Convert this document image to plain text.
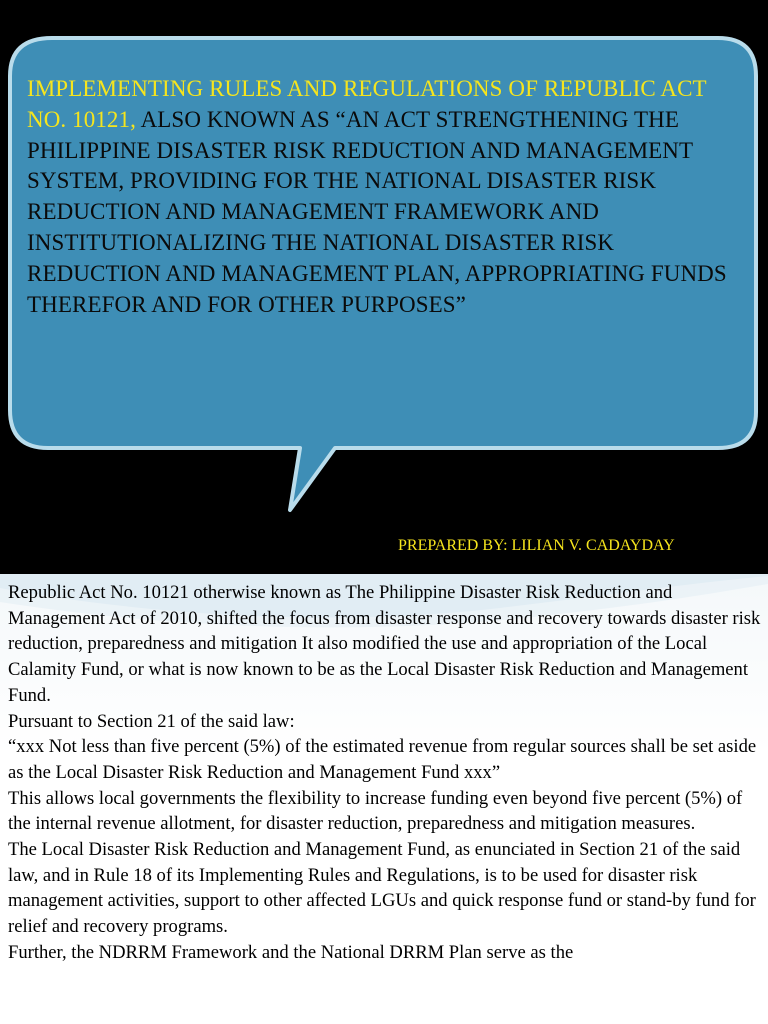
IMPLEMENTING RULES AND REGULATIONS OF REPUBLIC ACT NO. 10121, ALSO KNOWN AS “AN ACT STRENGTHENING THE PHILIPPINE DISASTER RISK REDUCTION AND MANAGEMENT SYSTEM, PROVIDING FOR THE NATIONAL DISASTER RISK REDUCTION AND MANAGEMENT FRAMEWORK AND INSTITUTIONALIZING THE NATIONAL DISASTER RISK REDUCTION AND MANAGEMENT PLAN, APPROPRIATING FUNDS THEREFOR AND FOR OTHER PURPOSES”

PREPARED BY: LILIAN V. CADAYDAY

Republic Act No. 10121 otherwise known as The Philippine Disaster Risk Reduction and Management Act of 2010, shifted the focus from disaster response and recovery towards disaster risk reduction, preparedness and mitigation It also modified the use and appropriation of the Local Calamity Fund, or what is now known to be as the Local Disaster Risk Reduction and Management Fund.

Pursuant to Section 21 of the said law:

“xxx Not less than five percent (5%) of the estimated revenue from regular sources shall be set aside as the Local Disaster Risk Reduction and Management Fund xxx”

This allows local governments the flexibility to increase funding even beyond five percent (5%) of the internal revenue allotment, for disaster reduction, preparedness and mitigation measures.

The Local Disaster Risk Reduction and Management Fund, as enunciated in Section 21 of the said law, and in Rule 18 of its Implementing Rules and Regulations, is to be used for disaster risk management activities, support to other affected LGUs and quick response fund or stand-by fund for relief and recovery programs.

Further, the NDRRM Framework and the National DRRM Plan serve as the
